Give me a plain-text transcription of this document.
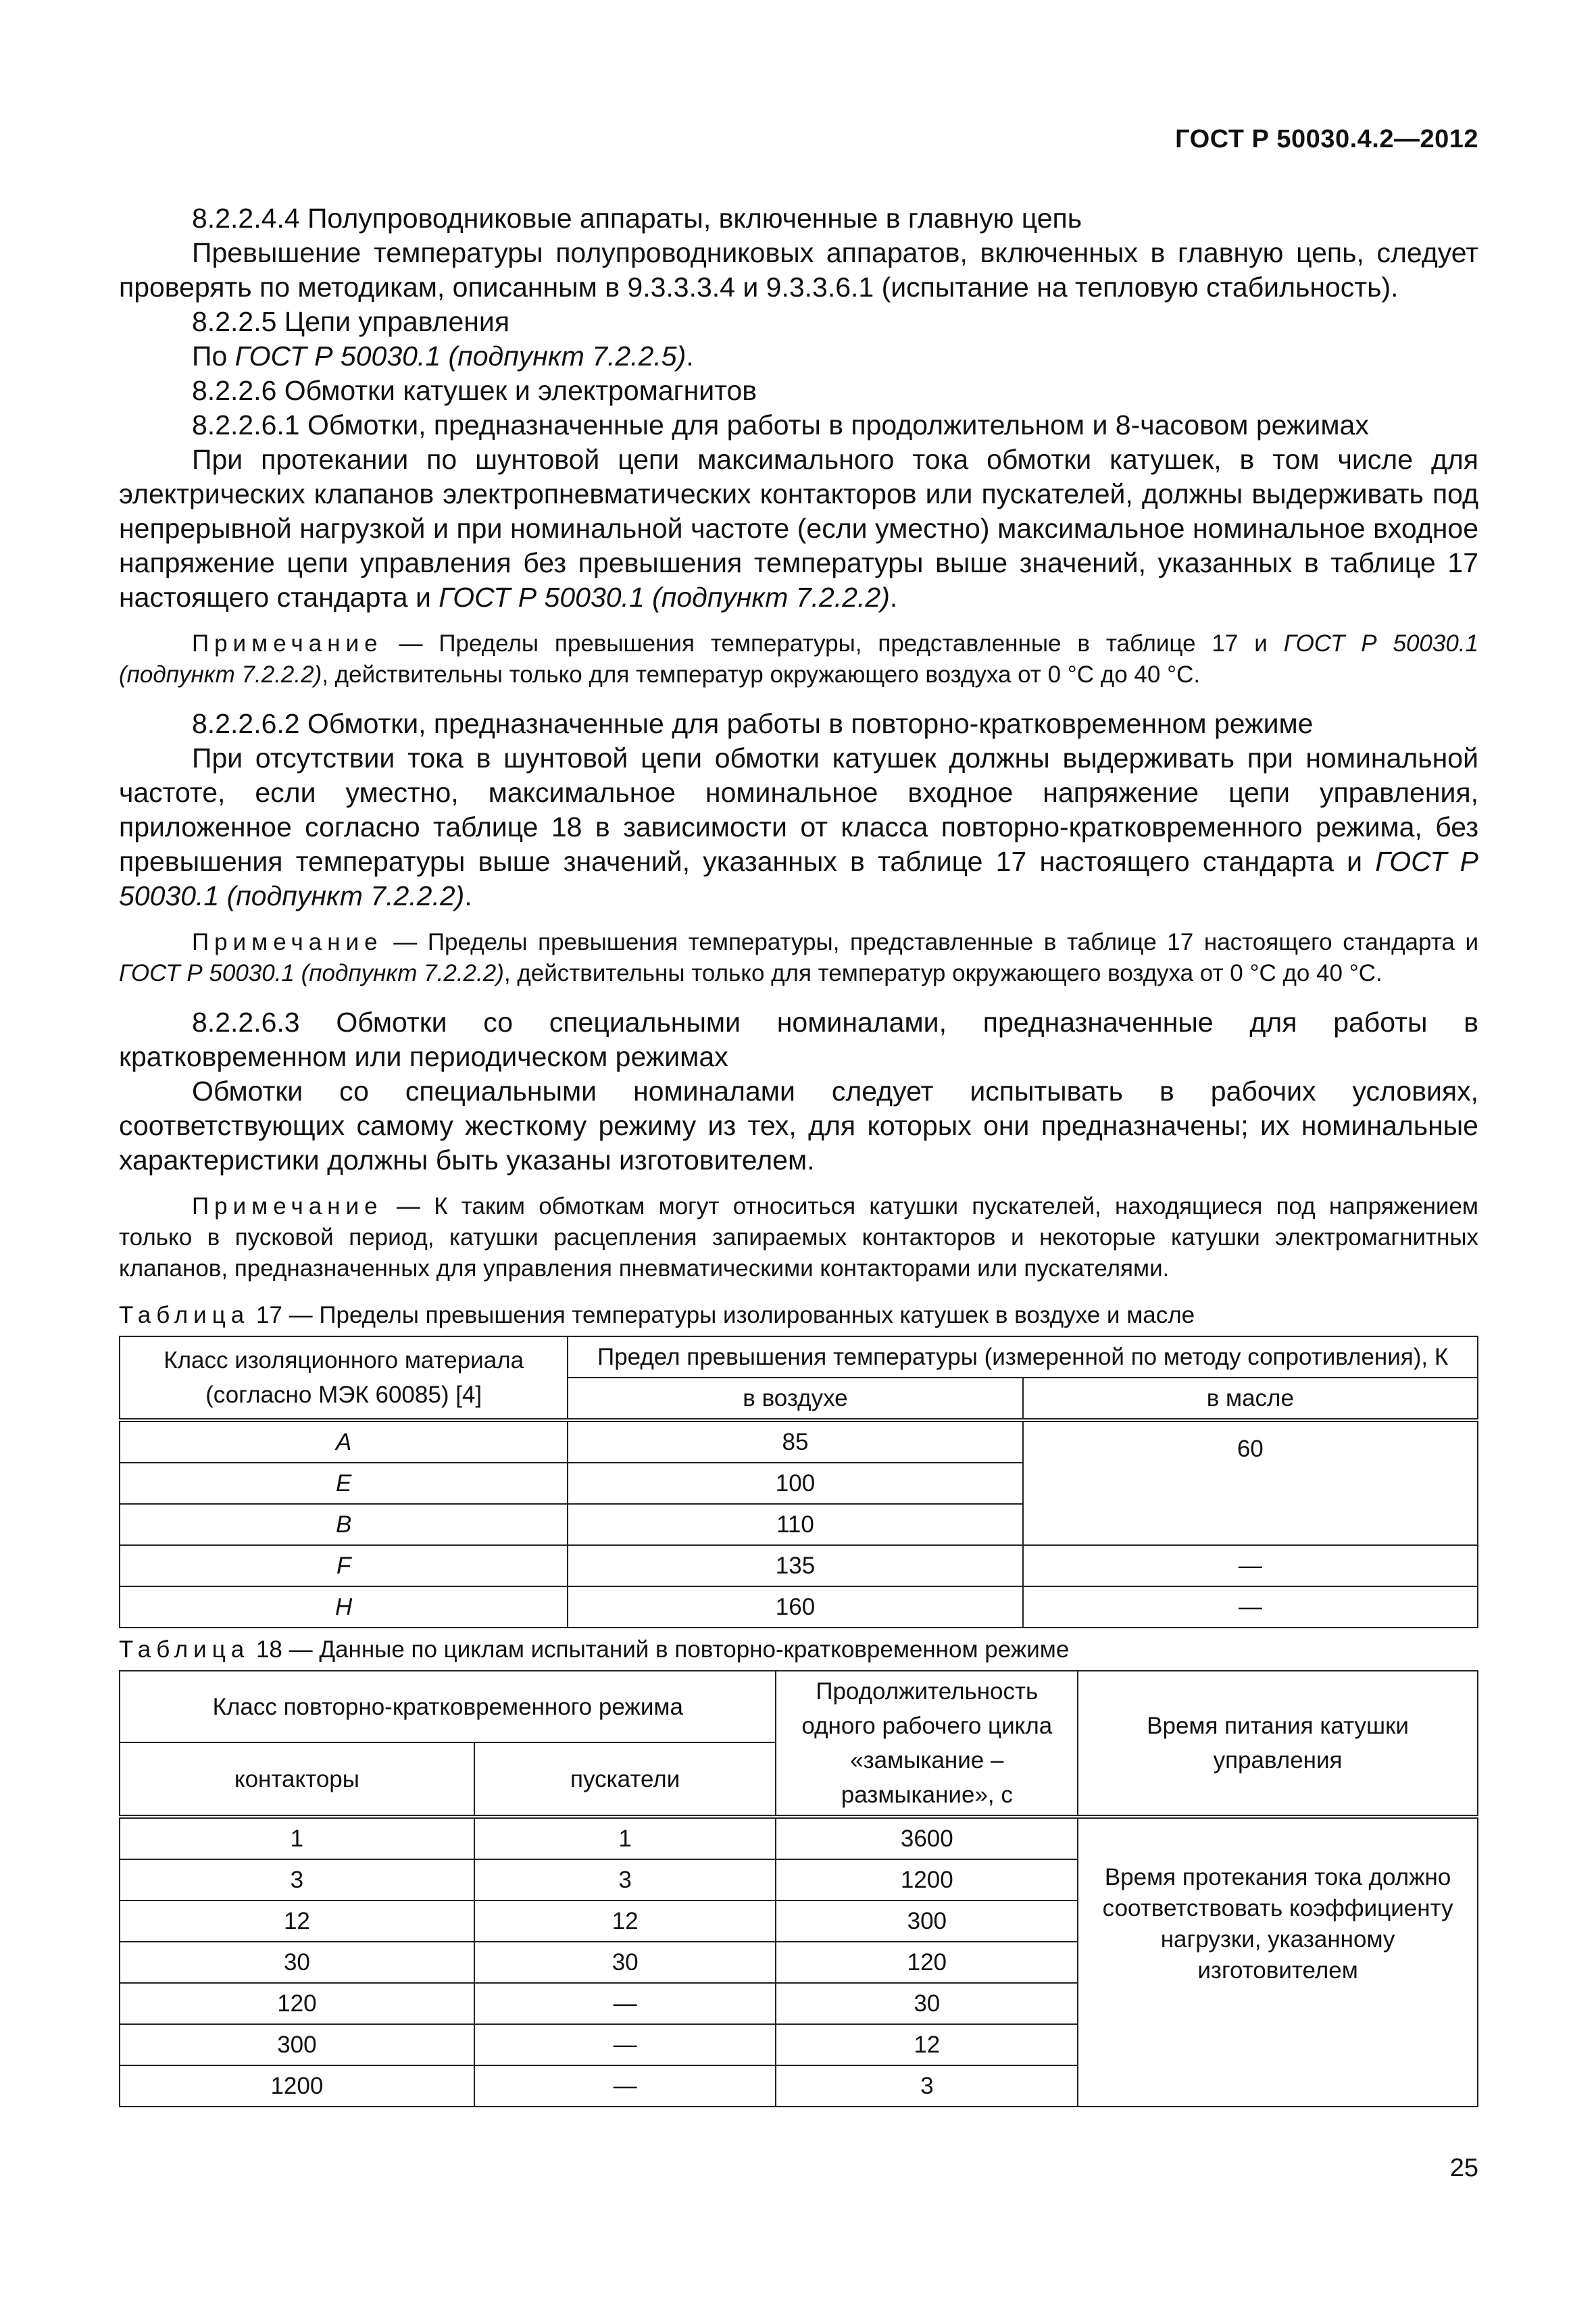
ГОСТ Р 50030.4.2—2012

8.2.2.4.4 Полупроводниковые аппараты, включенные в главную цепь

Превышение температуры полупроводниковых аппаратов, включенных в главную цепь, следует проверять по методикам, описанным в 9.3.3.3.4 и 9.3.3.6.1 (испытание на тепловую стабильность).

8.2.2.5 Цепи управления

По ГОСТ Р 50030.1 (подпункт 7.2.2.5).

8.2.2.6 Обмотки катушек и электромагнитов

8.2.2.6.1 Обмотки, предназначенные для работы в продолжительном и 8-часовом режимах

При протекании по шунтовой цепи максимального тока обмотки катушек, в том числе для электрических клапанов электропневматических контакторов или пускателей, должны выдерживать под непрерывной нагрузкой и при номинальной частоте (если уместно) максимальное номинальное входное напряжение цепи управления без превышения температуры выше значений, указанных в таблице 17 настоящего стандарта и ГОСТ Р 50030.1 (подпункт 7.2.2.2).

Примечание — Пределы превышения температуры, представленные в таблице 17 и ГОСТ Р 50030.1 (подпункт 7.2.2.2), действительны только для температур окружающего воздуха от 0 °С до 40 °С.

8.2.2.6.2 Обмотки, предназначенные для работы в повторно-кратковременном режиме

При отсутствии тока в шунтовой цепи обмотки катушек должны выдерживать при номинальной частоте, если уместно, максимальное номинальное входное напряжение цепи управления, приложенное согласно таблице 18 в зависимости от класса повторно-кратковременного режима, без превышения температуры выше значений, указанных в таблице 17 настоящего стандарта и ГОСТ Р 50030.1 (подпункт 7.2.2.2).

Примечание — Пределы превышения температуры, представленные в таблице 17 настоящего стандарта и ГОСТ Р 50030.1 (подпункт 7.2.2.2), действительны только для температур окружающего воздуха от 0 °С до 40 °С.

8.2.2.6.3 Обмотки со специальными номиналами, предназначенные для работы в кратковременном или периодическом режимах

Обмотки со специальными номиналами следует испытывать в рабочих условиях, соответствующих самому жесткому режиму из тех, для которых они предназначены; их номинальные характеристики должны быть указаны изготовителем.

Примечание — К таким обмоткам могут относиться катушки пускателей, находящиеся под напряжением только в пусковой период, катушки расцепления запираемых контакторов и некоторые катушки электромагнитных клапанов, предназначенных для управления пневматическими контакторами или пускателями.

Таблица 17 — Пределы превышения температуры изолированных катушек в воздухе и масле
Класс изоляционного материала (согласно МЭК 60085) [4]	Предел превышения температуры (измеренной по методу сопротивления), К	
	в воздухе	в масле
A	85	60
E	100	
B	110	
F	135	—
H	160	—
Таблица 18 — Данные по циклам испытаний в повторно-кратковременном режиме
Класс повторно-кратковременного режима		Продолжительность одного рабочего цикла «замыкание – размыкание», с	Время питания катушки управления
контакторы	пускатели		
1	1	3600	Время протекания тока должно соответствовать коэффициенту нагрузки, указанному изготовителем
3	3	1200	
12	12	300	
30	30	120	
120	—	30	
300	—	12	
1200	—	3	
25
